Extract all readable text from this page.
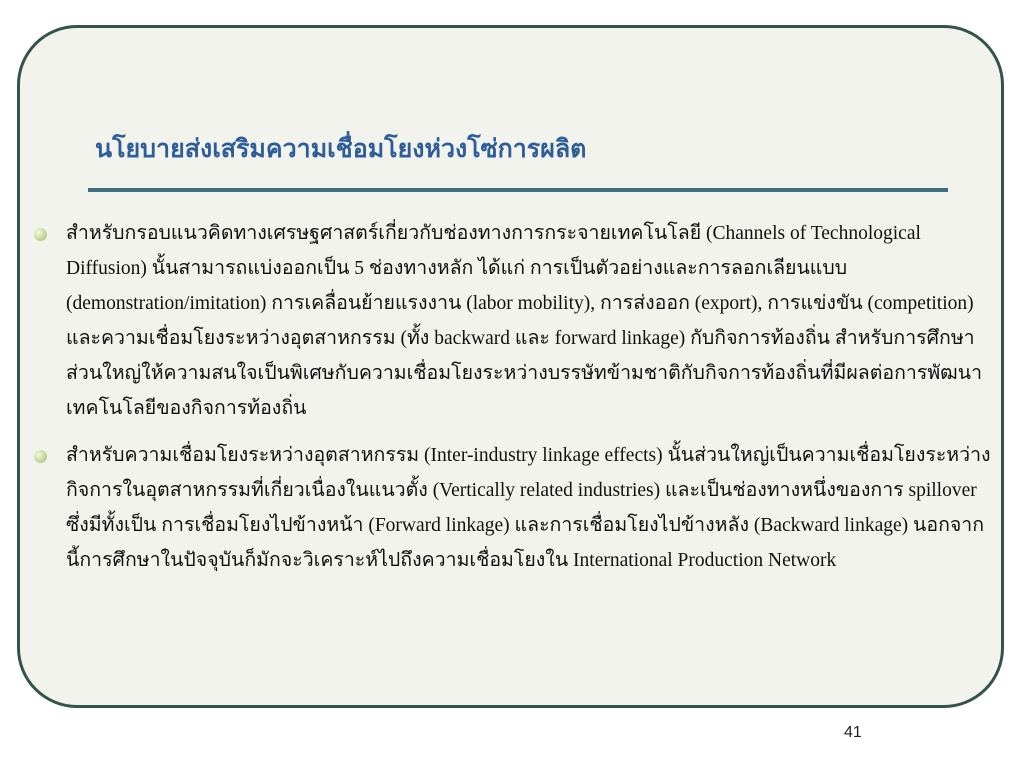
นโยบายส่งเสริมความเชื่อมโยงห่วงโซ่การผลิต
สำหรับกรอบแนวคิดทางเศรษฐศาสตร์เกี่ยวกับช่องทางการกระจายเทคโนโลยี (Channels of Technological Diffusion) นั้นสามารถแบ่งออกเป็น 5 ช่องทางหลัก ได้แก่ การเป็นตัวอย่างและการลอกเลียนแบบ (demonstration/imitation) การเคลื่อนย้ายแรงงาน (labor mobility), การส่งออก (export), การแข่งขัน (competition) และความเชื่อมโยงระหว่างอุตสาหกรรม (ทั้ง backward และ forward linkage) กับกิจการท้องถิ่น สำหรับการศึกษาส่วนใหญ่ให้ความสนใจเป็นพิเศษกับความเชื่อมโยงระหว่างบรรษัทข้ามชาติกับกิจการท้องถิ่นที่มีผลต่อการพัฒนาเทคโนโลยีของกิจการท้องถิ่น
สำหรับความเชื่อมโยงระหว่างอุตสาหกรรม (Inter-industry linkage effects) นั้นส่วนใหญ่เป็นความเชื่อมโยงระหว่างกิจการในอุตสาหกรรมที่เกี่ยวเนื่องในแนวตั้ง (Vertically related industries) และเป็นช่องทางหนึ่งของการ spillover ซึ่งมีทั้งเป็น การเชื่อมโยงไปข้างหน้า (Forward linkage) และการเชื่อมโยงไปข้างหลัง (Backward linkage) นอกจากนี้การศึกษาในปัจจุบันก็มักจะวิเคราะห์ไปถึงความเชื่อมโยงใน International Production Network
41
